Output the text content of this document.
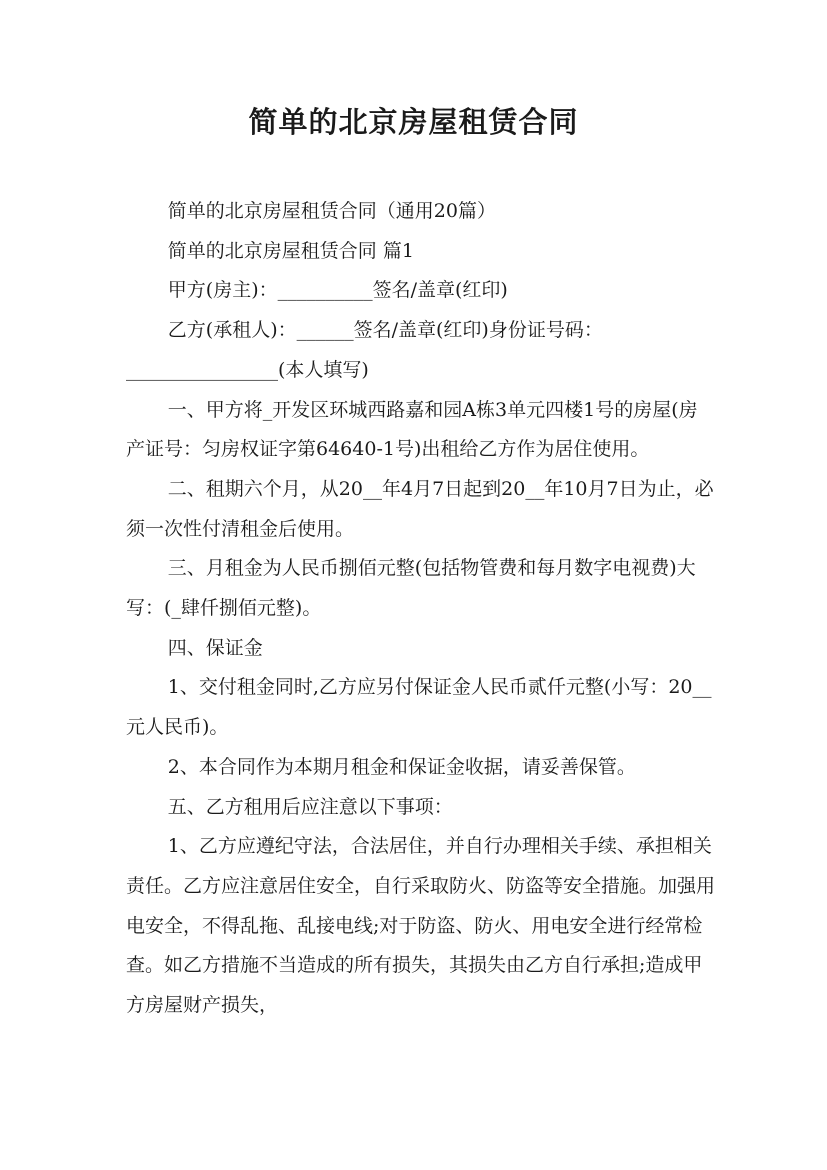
简单的北京房屋租赁合同

简单的北京房屋租赁合同（通用20篇）

简单的北京房屋租赁合同 篇1

甲方(房主)：__________签名/盖章(红印)

乙方(承租人)：______签名/盖章(红印)身份证号码：

________________(本人填写)

一、甲方将_开发区环城西路嘉和园A栋3单元四楼1号的房屋(房产证号：匀房权证字第64640-1号)出租给乙方作为居住使用。

二、租期六个月，从20__年4月7日起到20__年10月7日为止，必须一次性付清租金后使用。

三、月租金为人民币捌佰元整(包括物管费和每月数字电视费)大写：(_肆仟捌佰元整)。

四、保证金

1、交付租金同时,乙方应另付保证金人民币贰仟元整(小写：20__元人民币)。

2、本合同作为本期月租金和保证金收据，请妥善保管。

五、乙方租用后应注意以下事项：

1、乙方应遵纪守法，合法居住，并自行办理相关手续、承担相关责任。乙方应注意居住安全，自行采取防火、防盗等安全措施。加强用电安全，不得乱拖、乱接电线;对于防盗、防火、用电安全进行经常检查。如乙方措施不当造成的所有损失，其损失由乙方自行承担;造成甲方房屋财产损失，
